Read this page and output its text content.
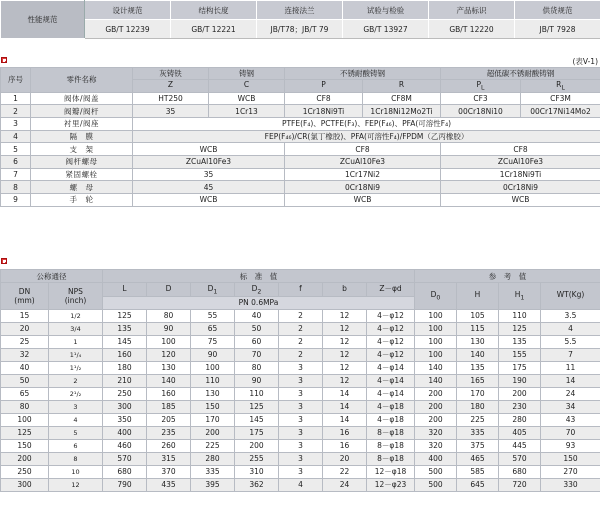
性能规范	设计规范	结构长度	连接法兰	试验与检验	产品标识	供货规范
	GB/T 12239	GB/T 12221	JB/T78；JB/T 79	GB/T 13927	GB/T 12220	JB/T 7928
(表V-1)
序号	零件名称	灰铸铁	铸钢	不锈耐酸铸钢		超低碳不锈耐酸铸钢	
		Z	C	P	R	$P_L$	$R_L$
1	阀体/阀盖	HT250	WCB	CF8	CF8M	CF3	CF3M
2	阀瓣/阀杆	35	1Cr13	1Cr18Ni9Ti	1Cr18Ni12Mo2Ti	00Cr18Ni10	00Cr17Ni14Mo2
3	衬里/阀座	PTFE(F₄)、PCTFE(F₃)、FEP(F₄₆)、PFA(可溶性F₄)					
4	隔　膜	FEP(F₄₆)/CR(氯丁橡胶)、PFA(可溶性F₄)/FPDM（乙丙橡胶）					
5	支　架	WCB		CF8		CF8	
6	阀杆螺母	ZCuAl10Fe3		ZCuAl10Fe3		ZCuAl10Fe3	
7	紧固螺栓	35		1Cr17Ni2		1Cr18Ni9Ti	
8	螺　母	45		0Cr18Ni9		0Cr18Ni9	
9	手　轮	WCB		WCB		WCB	
公称通径		标　准　值							参　考　值			
DN
(mm)	NPS
(inch)	L	D	$D_1$	$D_2$	f	b	Z－φd	$D_0$	H	$H_1$	WT(Kg)
		PN 0.6MPa										
15	1/2	125	80	55	40	2	12	4－φ12	100	105	110	3.5
20	3/4	135	90	65	50	2	12	4－φ12	100	115	125	4
25	1	145	100	75	60	2	12	4－φ12	100	130	135	5.5
32	1¹/₄	160	120	90	70	2	12	4－φ12	100	140	155	7
40	1¹/₂	180	130	100	80	3	12	4－φ14	140	135	175	11
50	2	210	140	110	90	3	12	4－φ14	140	165	190	14
65	2¹/₂	250	160	130	110	3	14	4－φ14	200	170	200	24
80	3	300	185	150	125	3	14	4－φ18	200	180	230	34
100	4	350	205	170	145	3	14	4－φ18	200	225	280	43
125	5	400	235	200	175	3	16	8－φ18	320	335	405	70
150	6	460	260	225	200	3	16	8－φ18	320	375	445	93
200	8	570	315	280	255	3	20	8－φ18	400	465	570	150
250	10	680	370	335	310	3	22	12－φ18	500	585	680	270
300	12	790	435	395	362	4	24	12－φ23	500	645	720	330
